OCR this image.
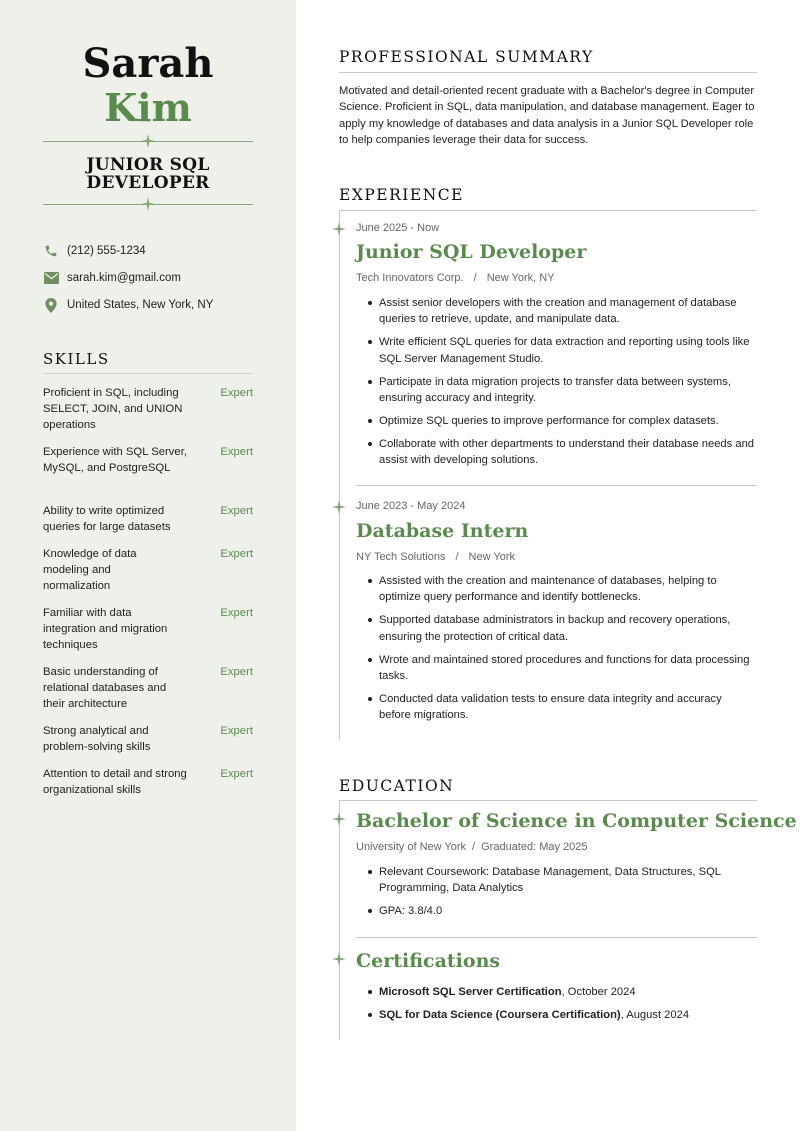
Sarah
Kim
JUNIOR SQL
DEVELOPER
(212) 555-1234
sarah.kim@gmail.com
United States, New York, NY
SKILLS
Proficient in SQL, including SELECT, JOIN, and UNION operations
Expert
Experience with SQL Server, MySQL, and PostgreSQL
Expert
Ability to write optimized queries for large datasets
Expert
Knowledge of data modeling and normalization
Expert
Familiar with data integration and migration techniques
Expert
Basic understanding of relational databases and their architecture
Expert
Strong analytical and problem-solving skills
Expert
Attention to detail and strong organizational skills
Expert
PROFESSIONAL SUMMARY
Motivated and detail-oriented recent graduate with a Bachelor's degree in Computer Science. Proficient in SQL, data manipulation, and database management. Eager to apply my knowledge of databases and data analysis in a Junior SQL Developer role to help companies leverage their data for success.
EXPERIENCE
June 2025 - Now
Junior SQL Developer
Tech Innovators Corp. / New York, NY
Assist senior developers with the creation and management of database queries to retrieve, update, and manipulate data.
Write efficient SQL queries for data extraction and reporting using tools like SQL Server Management Studio.
Participate in data migration projects to transfer data between systems, ensuring accuracy and integrity.
Optimize SQL queries to improve performance for complex datasets.
Collaborate with other departments to understand their database needs and assist with developing solutions.
June 2023 - May 2024
Database Intern
NY Tech Solutions / New York
Assisted with the creation and maintenance of databases, helping to optimize query performance and identify bottlenecks.
Supported database administrators in backup and recovery operations, ensuring the protection of critical data.
Wrote and maintained stored procedures and functions for data processing tasks.
Conducted data validation tests to ensure data integrity and accuracy before migrations.
EDUCATION
Bachelor of Science in Computer Science
University of New York / Graduated: May 2025
Relevant Coursework: Database Management, Data Structures, SQL Programming, Data Analytics
GPA: 3.8/4.0
Certifications
Microsoft SQL Server Certification, October 2024
SQL for Data Science (Coursera Certification), August 2024
